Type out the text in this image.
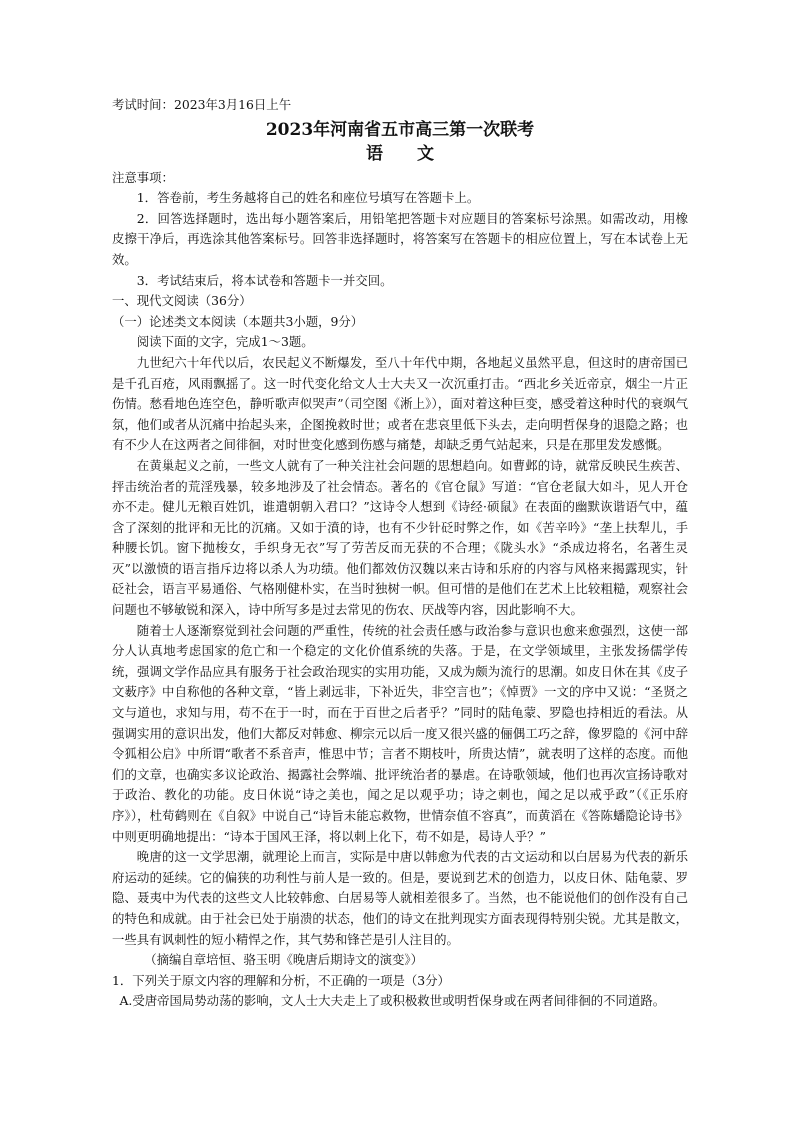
考试时间：2023年3月16日上午
2023年河南省五市高三第一次联考
语文
注意事项：
1．答卷前，考生务越将自己的姓名和座位号填写在答题卡上。
2．回答选择题时，选出每小题答案后，用铅笔把答题卡对应题目的答案标号涂黑。如需改动，用橡皮擦干净后，再选涂其他答案标号。回答非选择题时，将答案写在答题卡的相应位置上，写在本试卷上无效。
3．考试结束后，将本试卷和答题卡一并交回。
一、现代文阅读（36分）
（一）论述类文本阅读（本题共3小题，9分）
阅读下面的文字，完成1～3题。

九世纪六十年代以后，农民起义不断爆发，至八十年代中期，各地起义虽然平息，但这时的唐帝国已是千孔百疮，风雨飘摇了。这一时代变化给文人士大夫又一次沉重打击。“西北乡关近帝京，烟尘一片正伤情。愁看地色连空色，静听歌声似哭声”（司空图《淅上》），面对着这种巨变，感受着这种时代的衰飒气氛，他们或者从沉痛中抬起头来，企图挽救时世；或者在悲哀里低下头去，走向明哲保身的退隐之路；也有不少人在这两者之间徘徊，对时世变化感到伤感与痛楚，却缺乏勇气站起来，只是在那里发发感慨。

在黄巢起义之前，一些文人就有了一种关注社会问题的思想趋向。如曹邺的诗，就常反映民生疾苦、抨击统治者的荒淫残暴，较多地涉及了社会情态。著名的《官仓鼠》写道：“官仓老鼠大如斗，见人开仓亦不走。健儿无粮百姓饥，谁遣朝朝入君口？”这诗令人想到《诗经·硕鼠》在表面的幽默诙谐语气中，蕴含了深刻的批评和无比的沉痛。又如于濆的诗，也有不少针砭时弊之作，如《苦辛吟》“垄上扶犁儿，手种腰长饥。窗下抛梭女，手织身无衣”写了劳苦反而无获的不合理；《陇头水》“杀成边将名，名著生灵灭”以激愤的语言指斥边将以杀人为功绩。他们都效仿汉魏以来古诗和乐府的内容与风格来揭露现实，针砭社会，语言平易通俗、气格刚健朴实，在当时独树一帜。但可惜的是他们在艺术上比较粗糙，观察社会问题也不够敏锐和深入，诗中所写多是过去常见的伤农、厌战等内容，因此影响不大。

随着士人逐渐察觉到社会问题的严重性，传统的社会责任感与政治参与意识也愈来愈强烈，这使一部分人认真地考虑国家的危亡和一个稳定的文化价值系统的失落。于是，在文学领域里，主张发扬儒学传统，强调文学作品应具有服务于社会政治现实的实用功能，又成为颇为流行的思潮。如皮日休在其《皮子文薮序》中自称他的各种文章，“皆上剥远非，下补近失，非空言也”；《悼贾》一文的序中又说：“圣贤之文与道也，求知与用，苟不在于一时，而在于百世之后者乎？”同时的陆龟蒙、罗隐也持相近的看法。从强调实用的意识出发，他们大都反对韩愈、柳宗元以后一度又很兴盛的俪偶工巧之辞，像罗隐的《河中辞令狐相公启》中所谓“歌者不系音声，惟思中节；言者不期枝叶，所贵达情”，就表明了这样的态度。而他们的文章，也确实多议论政治、揭露社会弊端、批评统治者的暴虐。在诗歌领域，他们也再次宣扬诗歌对于政治、教化的功能。皮日休说“诗之美也，闻之足以观乎功；诗之刺也，闻之足以戒乎政”（《正乐府序》），杜荀鹤则在《自叙》中说自己“诗旨未能忘救物，世情奈值不容真”，而黄滔在《答陈蟠隐论诗书》中则更明确地提出：“诗本于国风王泽，将以刺上化下，苟不如是，曷诗人乎？”

晚唐的这一文学思潮，就理论上而言，实际是中唐以韩愈为代表的古文运动和以白居易为代表的新乐府运动的延续。它的偏狭的功利性与前人是一致的。但是，要说到艺术的创造力，以皮日休、陆龟蒙、罗隐、聂夷中为代表的这些文人比较韩愈、白居易等人就相差很多了。当然，也不能说他们的创作没有自己的特色和成就。由于社会已处于崩溃的状态，他们的诗文在批判现实方面表现得特别尖锐。尤其是散文，一些具有讽刺性的短小精悍之作，其气势和锋芒是引人注目的。

（摘编自章培恒、骆玉明《晚唐后期诗文的演变》）
1．下列关于原文内容的理解和分析，不正确的一项是（3分）
A.受唐帝国局势动荡的影响，文人士大夫走上了或积极救世或明哲保身或在两者间徘徊的不同道路。
